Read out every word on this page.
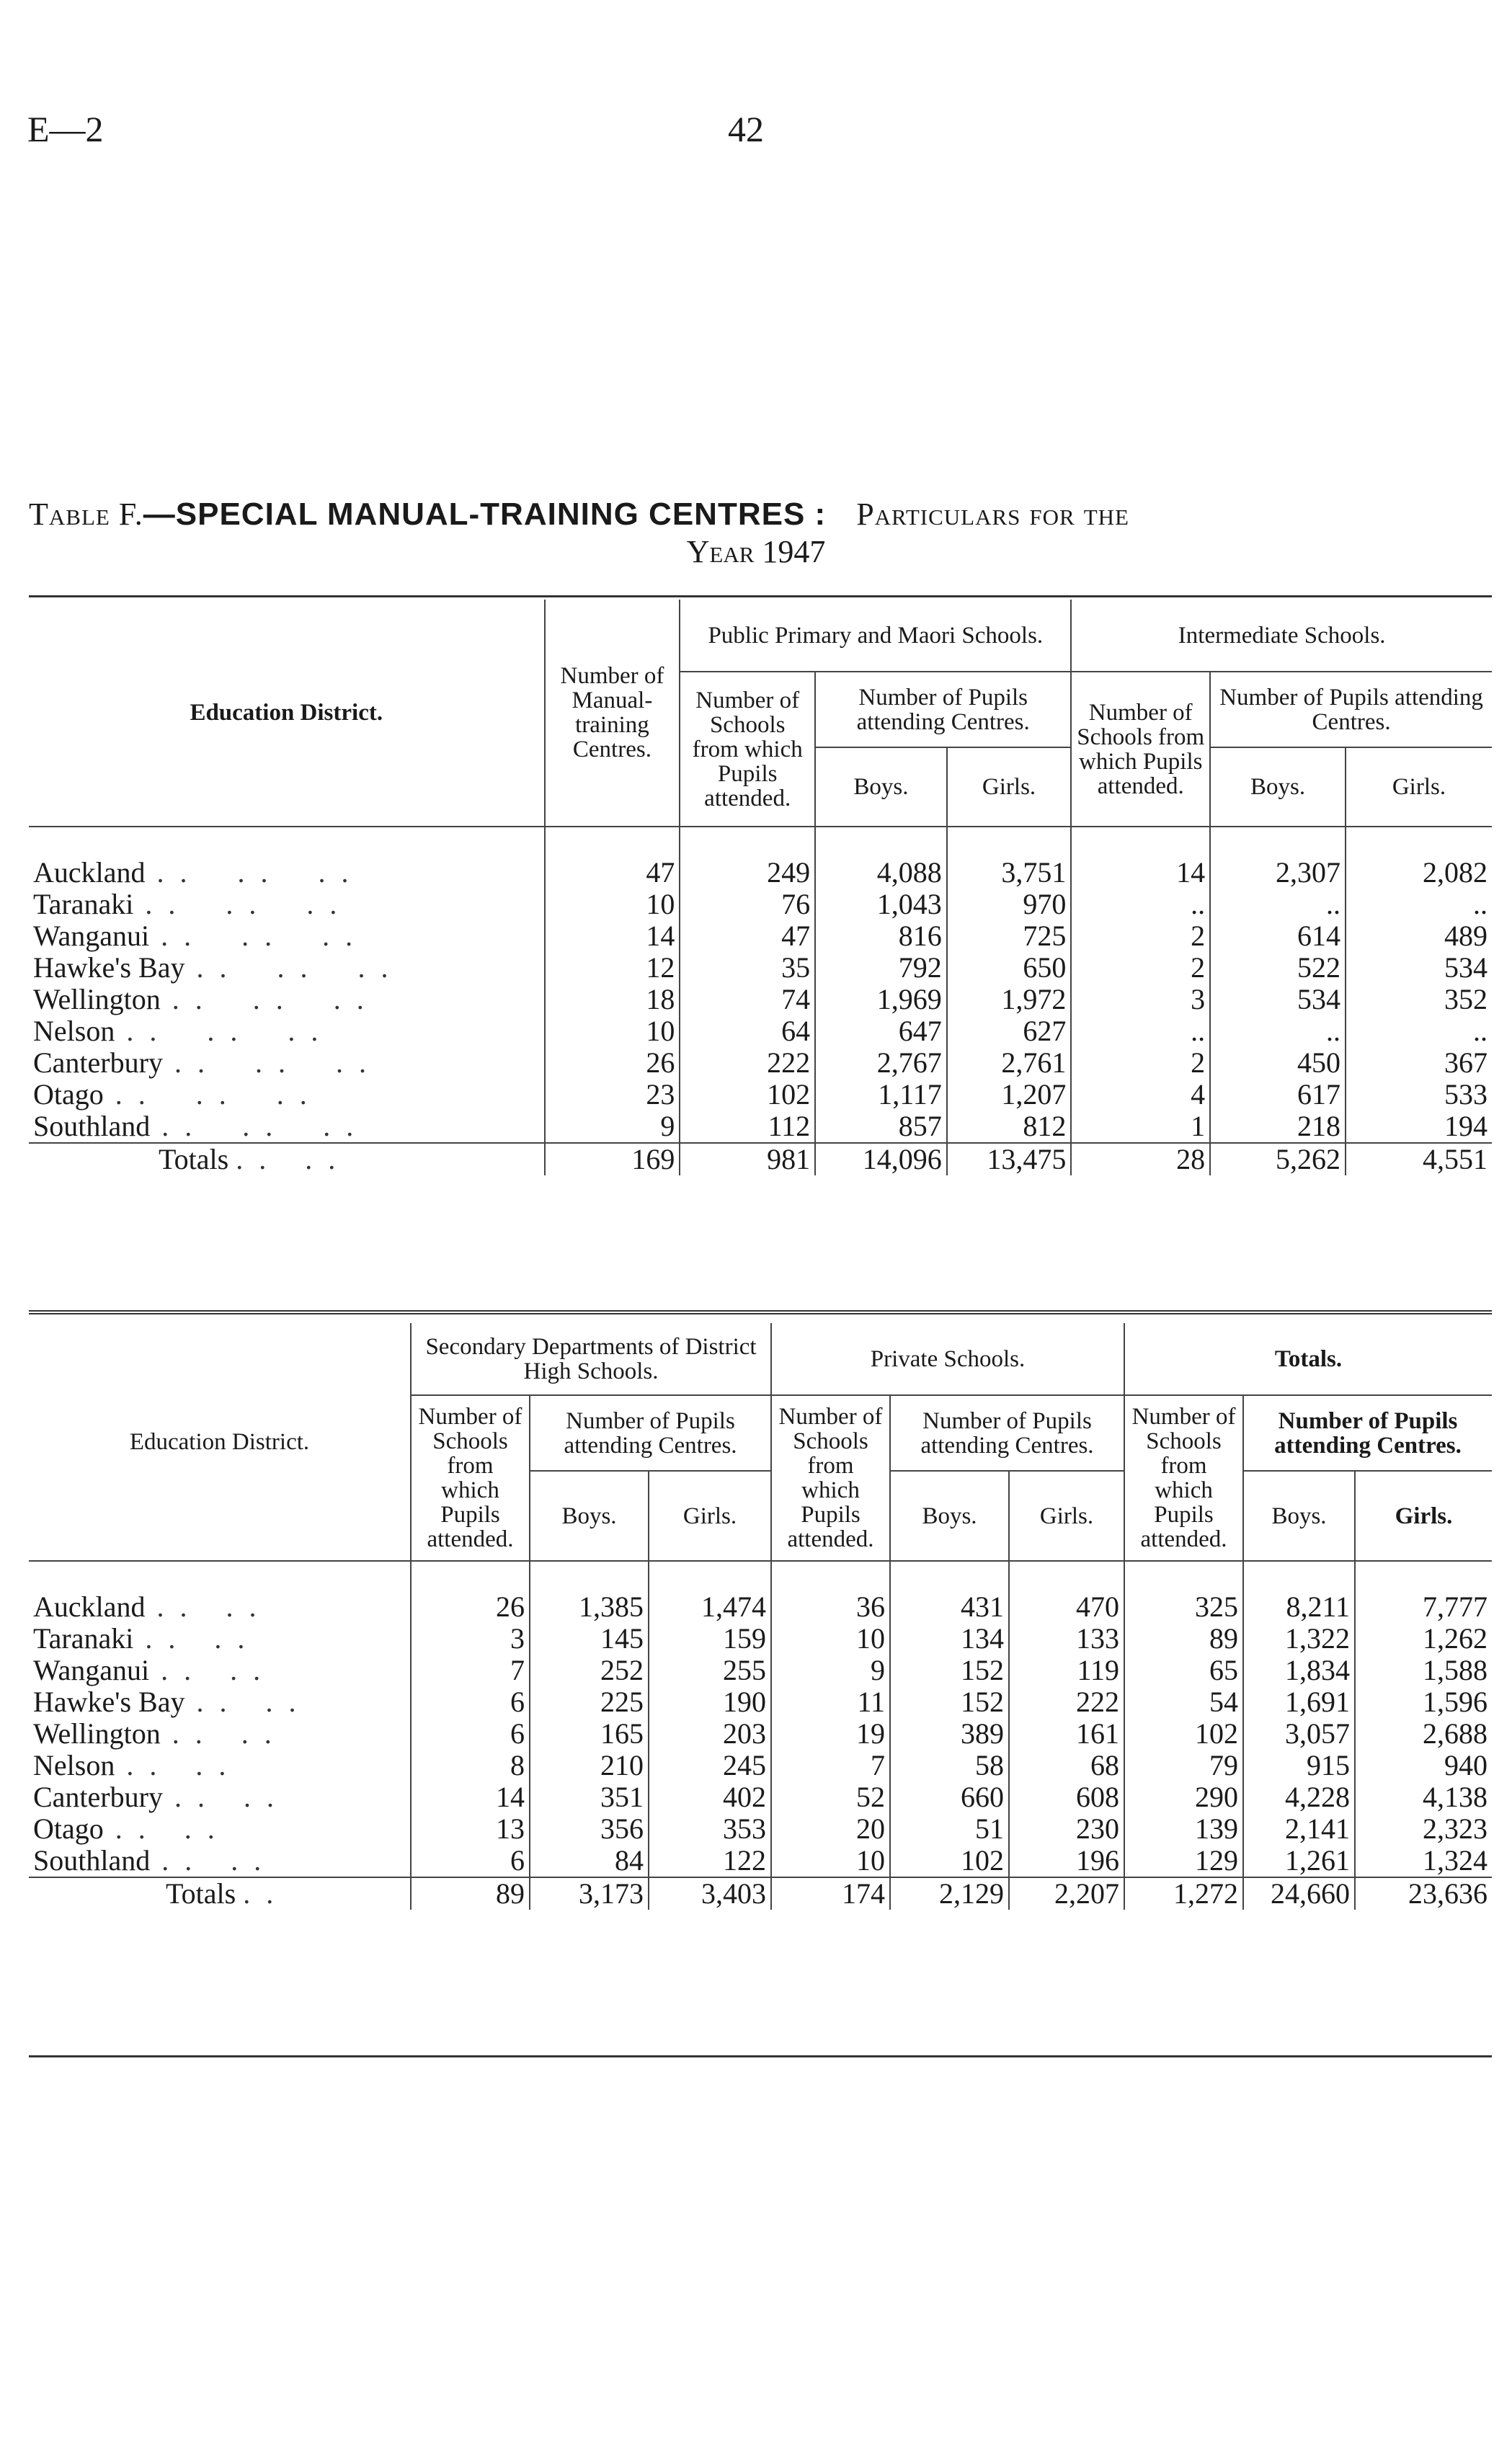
E—2	42
Table F.—SPECIAL MANUAL-TRAINING CENTRES : Particulars for the
Year 1947
Education District.	Number of Manual-training Centres.	Public Primary and Maori Schools.			Intermediate Schools.		
		Number of Schools from which Pupils attended.	Number of Pupils attending Centres.		Number of Schools from which Pupils attended.	Number of Pupils attending Centres.	
			Boys.	Girls.		Boys.	Girls.

Auckland . .    . .    . .	47	249	4,088	3,751	14	2,307	2,082
Taranaki . .    . .    . .	10	76	1,043	970	..	..	..
Wanganui . .    . .    . .	14	47	816	725	2	614	489
Hawke's Bay . .    . .    . .	12	35	792	650	2	522	534
Wellington . .    . .    . .	18	74	1,969	1,972	3	534	352
Nelson . .    . .    . .	10	64	647	627	..	..	..
Canterbury . .    . .    . .	26	222	2,767	2,761	2	450	367
Otago . .    . .    . .	23	102	1,117	1,207	4	617	533
Southland . .    . .    . .	9	112	857	812	1	218	194
Totals . .   . .	169	981	14,096	13,475	28	5,262	4,551
Education District.	Secondary Departments of District High Schools.			Private Schools.			Totals.		
	Number of Schools from which Pupils attended.	Number of Pupils attending Centres.		Number of Schools from which Pupils attended.	Number of Pupils attending Centres.		Number of Schools from which Pupils attended.	Number of Pupils attending Centres.	
		Boys.	Girls.		Boys.	Girls.		Boys.	Girls.

Auckland . .   . .	26	1,385	1,474	36	431	470	325	8,211	7,777
Taranaki . .   . .	3	145	159	10	134	133	89	1,322	1,262
Wanganui . .   . .	7	252	255	9	152	119	65	1,834	1,588
Hawke's Bay . .   . .	6	225	190	11	152	222	54	1,691	1,596
Wellington . .   . .	6	165	203	19	389	161	102	3,057	2,688
Nelson . .   . .	8	210	245	7	58	68	79	915	940
Canterbury . .   . .	14	351	402	52	660	608	290	4,228	4,138
Otago . .   . .	13	356	353	20	51	230	139	2,141	2,323
Southland . .   . .	6	84	122	10	102	196	129	1,261	1,324
Totals . .	89	3,173	3,403	174	2,129	2,207	1,272	24,660	23,636
